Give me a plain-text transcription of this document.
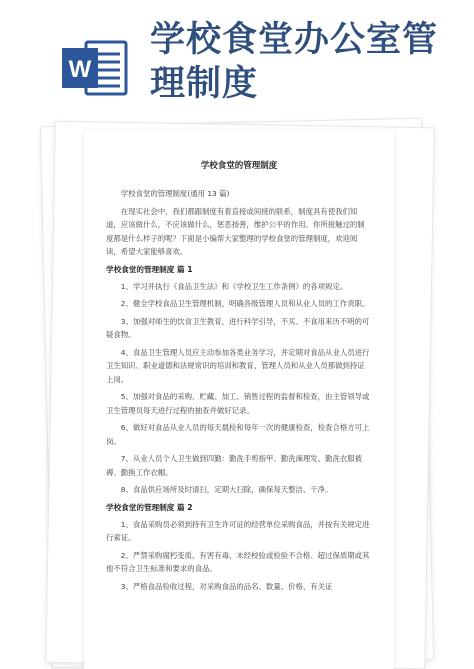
W
学校食堂办公室管理制度
学校食堂的管理制度

学校食堂的管理制度(通用 13 篇)

在现实社会中，我们都跟制度有着直接或间接的联系，制度具有使我们知道，应该做什么，不应该做什么，惩恶扬善，维护公平的作用。你所接触过的制度都是什么样子的呢？下面是小编帮大家整理的学校食堂的管理制度，欢迎阅读，希望大家能够喜欢。

学校食堂的管理制度 篇 1

1、学习并执行《食品卫生法》和《学校卫生工作条例》的各项规定。

2、健全学校食品卫生管理机制，明确各级管理人员和从业人员的工作责职。

3、加强对师生的饮食卫生教育，进行科学引导，不买、不食用来历不明的可疑食物。

4、食品卫生管理人员应主动参加各类业务学习，并定期对食品从业人员进行卫生知识、职业道德和法规常识的培训和教育，管理人员和从业人员都做到持证上岗。

5、加强对食品的采购、贮藏、加工、销售过程的监督和检查，由主管领导或卫生管理员每天进行过程的抽查并做好记录。

6、做好对食品从业人员的每天晨检和每年一次的健康检查，检查合格方可上岗。

7、从业人员个人卫生做到四勤：勤洗手剪指甲、勤洗澡理发、勤洗衣服被褥、勤换工作衣帽。

8、食品供应场所及时清扫，定期大扫除，确保每天整洁、干净。

学校食堂的管理制度 篇 2

1、食品采购员必须到持有卫生许可证的经营单位采购食品，并按有关规定进行索证。

2、严禁采购腐朽变质、有害有毒、未经校验或检验不合格、超过保质期或其他不符合卫生标准和要求的食品。

3、严格食品验收过程，对采购食品的品名、数量、价格、有关证
